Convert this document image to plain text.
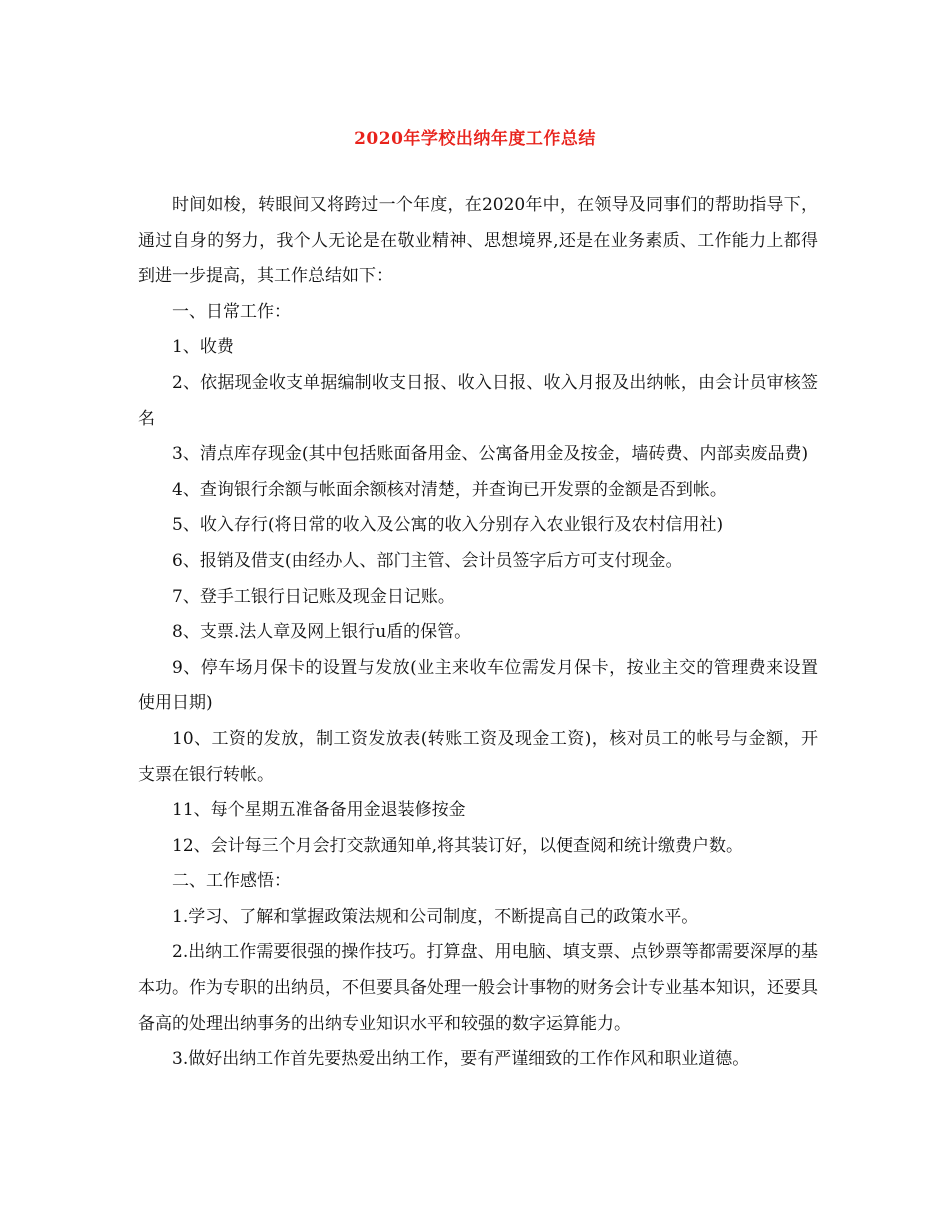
2020年学校出纳年度工作总结

时间如梭，转眼间又将跨过一个年度，在2020年中，在领导及同事们的帮助指导下，通过自身的努力，我个人无论是在敬业精神、思想境界,还是在业务素质、工作能力上都得到进一步提高，其工作总结如下：

一、日常工作：

1、收费

2、依据现金收支单据编制收支日报、收入日报、收入月报及出纳帐，由会计员审核签名

3、清点库存现金(其中包括账面备用金、公寓备用金及按金，墙砖费、内部卖废品费)

4、查询银行余额与帐面余额核对清楚，并查询已开发票的金额是否到帐。

5、收入存行(将日常的收入及公寓的收入分别存入农业银行及农村信用社)

6、报销及借支(由经办人、部门主管、会计员签字后方可支付现金。

7、登手工银行日记账及现金日记账。

8、支票.法人章及网上银行u盾的保管。

9、停车场月保卡的设置与发放(业主来收车位需发月保卡，按业主交的管理费来设置使用日期)

10、工资的发放，制工资发放表(转账工资及现金工资)，核对员工的帐号与金额，开支票在银行转帐。

11、每个星期五准备备用金退装修按金

12、会计每三个月会打交款通知单,将其装订好，以便查阅和统计缴费户数。

二、工作感悟：

1.学习、了解和掌握政策法规和公司制度，不断提高自己的政策水平。

2.出纳工作需要很强的操作技巧。打算盘、用电脑、填支票、点钞票等都需要深厚的基本功。作为专职的出纳员，不但要具备处理一般会计事物的财务会计专业基本知识，还要具备高的处理出纳事务的出纳专业知识水平和较强的数字运算能力。

3.做好出纳工作首先要热爱出纳工作，要有严谨细致的工作作风和职业道德。
